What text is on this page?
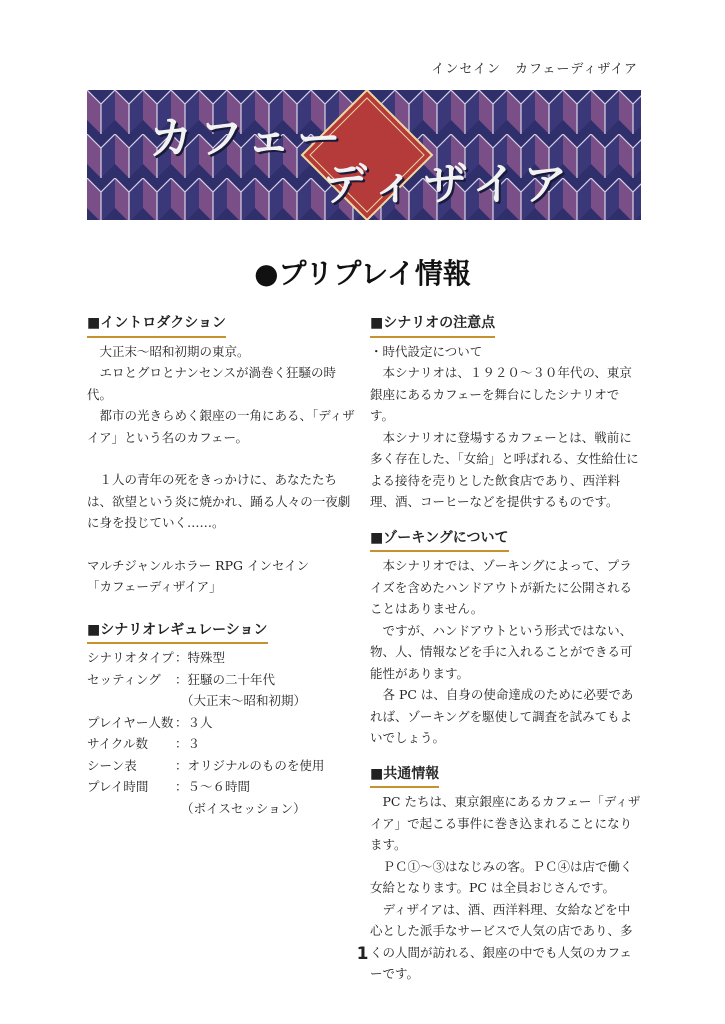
インセイン　カフェーディザイア
カフェー
ディザイア
●プリプレイ情報
■イントロダクション

大正末〜昭和初期の東京。

エロとグロとナンセンスが渦巻く狂騒の時代。

都市の光きらめく銀座の一角にある、「ディザイア」という名のカフェー。

１人の青年の死をきっかけに、あなたたちは、欲望という炎に焼かれ、踊る人々の一夜劇に身を投じていく……。

マルチジャンルホラー RPG インセイン

「カフェーディザイア」

■シナリオレギュレーション
シナリオタイプ	：特殊型
セッティング	：狂騒の二十年代
	（大正末〜昭和初期）
プレイヤー人数	：３人
サイクル数	：３
シーン表	：オリジナルのものを使用
プレイ時間	：５〜６時間
	（ボイスセッション）
■シナリオの注意点

・時代設定について

本シナリオは、１９２０〜３０年代の、東京銀座にあるカフェーを舞台にしたシナリオです。

本シナリオに登場するカフェーとは、戦前に多く存在した、「女給」と呼ばれる、女性給仕による接待を売りとした飲食店であり、西洋料理、酒、コーヒーなどを提供するものです。

■ゾーキングについて

本シナリオでは、ゾーキングによって、プライズを含めたハンドアウトが新たに公開されることはありません。

ですが、ハンドアウトという形式ではない、物、人、情報などを手に入れることができる可能性があります。

各 PC は、自身の使命達成のために必要であれば、ゾーキングを駆使して調査を試みてもよいでしょう。

■共通情報

PC たちは、東京銀座にあるカフェー「ディザイア」で起こる事件に巻き込まれることになります。

ＰＣ①〜③はなじみの客。ＰＣ④は店で働く女給となります。PC は全員おじさんです。

ディザイアは、酒、西洋料理、女給などを中心とした派手なサービスで人気の店であり、多くの人間が訪れる、銀座の中でも人気のカフェーです。

1
